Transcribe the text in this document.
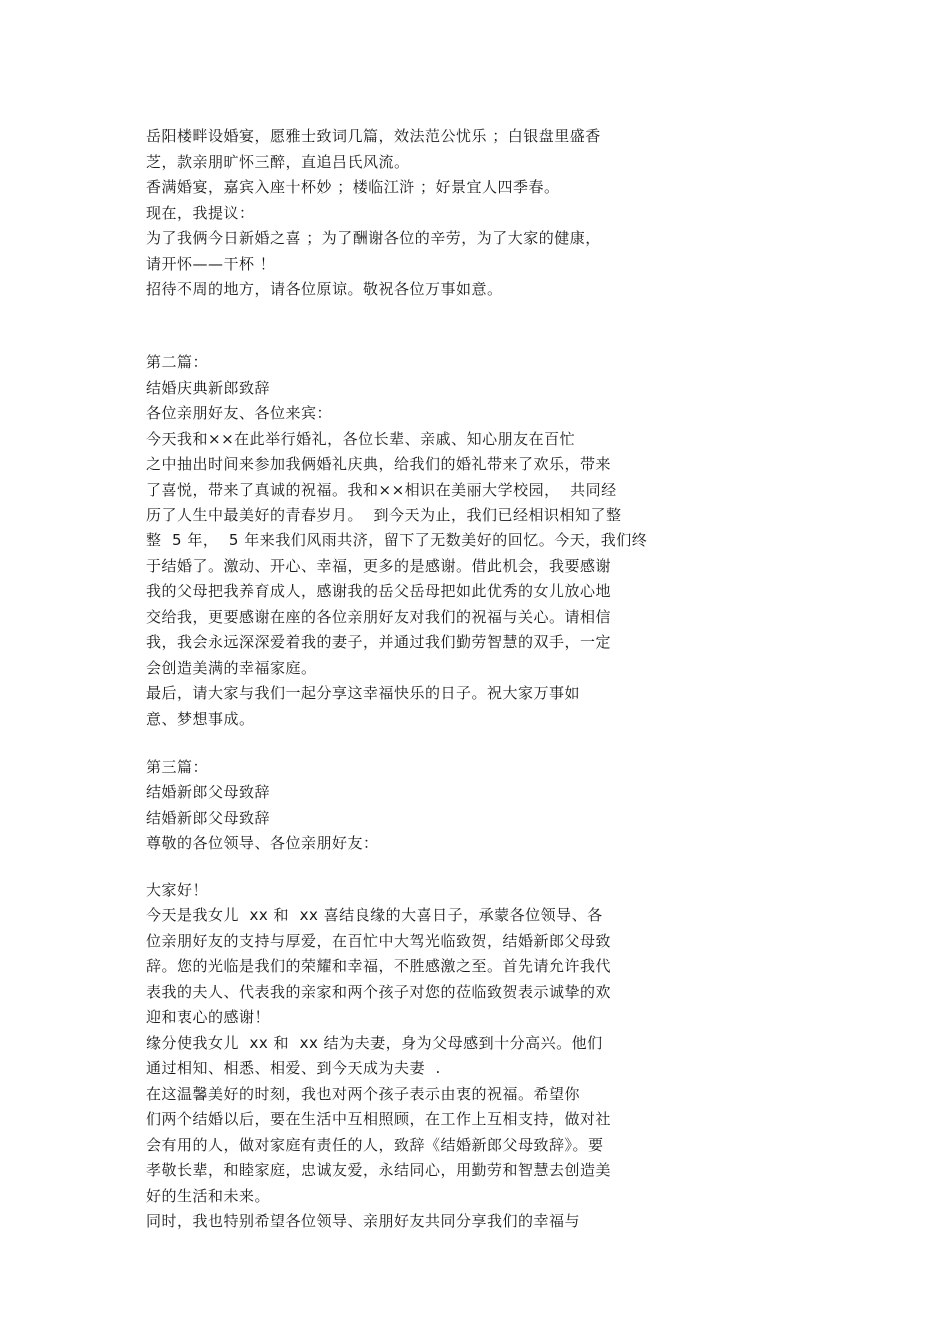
岳阳楼畔设婚宴，愿雅士致词几篇，效法范公忧乐 ；白银盘里盛香
芝，款亲朋旷怀三醉，直追吕氏风流。
香满婚宴，嘉宾入座十杯妙 ；楼临江浒 ；好景宜人四季春。
现在，我提议：
为了我俩今日新婚之喜 ；为了酬谢各位的辛劳，为了大家的健康，
请开怀——干杯 ！
招待不周的地方，请各位原谅。敬祝各位万事如意。
第二篇：
结婚庆典新郎致辞
各位亲朋好友、各位来宾：
今天我和××在此举行婚礼，各位长辈、亲戚、知心朋友在百忙
之中抽出时间来参加我俩婚礼庆典，给我们的婚礼带来了欢乐，带来
了喜悦，带来了真诚的祝福。我和××相识在美丽大学校园，  共同经
历了人生中最美好的青春岁月。  到今天为止，我们已经相识相知了整
整  5 年，  5 年来我们风雨共济，留下了无数美好的回忆。今天，我们终
于结婚了。激动、开心、幸福，更多的是感谢。借此机会，我要感谢
我的父母把我养育成人，感谢我的岳父岳母把如此优秀的女儿放心地
交给我，更要感谢在座的各位亲朋好友对我们的祝福与关心。请相信
我，我会永远深深爱着我的妻子，并通过我们勤劳智慧的双手，一定
会创造美满的幸福家庭。
最后，请大家与我们一起分享这幸福快乐的日子。祝大家万事如
意、梦想事成。
第三篇：
结婚新郎父母致辞
结婚新郎父母致辞
尊敬的各位领导、各位亲朋好友：
大家好！
今天是我女儿  xx 和  xx 喜结良缘的大喜日子，承蒙各位领导、各
位亲朋好友的支持与厚爱，在百忙中大驾光临致贺，结婚新郎父母致
辞。您的光临是我们的荣耀和幸福，不胜感激之至。首先请允许我代
表我的夫人、代表我的亲家和两个孩子对您的莅临致贺表示诚挚的欢
迎和衷心的感谢！
缘分使我女儿  xx 和  xx 结为夫妻，身为父母感到十分高兴。他们
通过相知、相悉、相爱、到今天成为夫妻  .
在这温馨美好的时刻，我也对两个孩子表示由衷的祝福。希望你
们两个结婚以后，要在生活中互相照顾，在工作上互相支持，做对社
会有用的人，做对家庭有责任的人，致辞《结婚新郎父母致辞》。要
孝敬长辈，和睦家庭，忠诚友爱，永结同心，用勤劳和智慧去创造美
好的生活和未来。
同时，我也特别希望各位领导、亲朋好友共同分享我们的幸福与
